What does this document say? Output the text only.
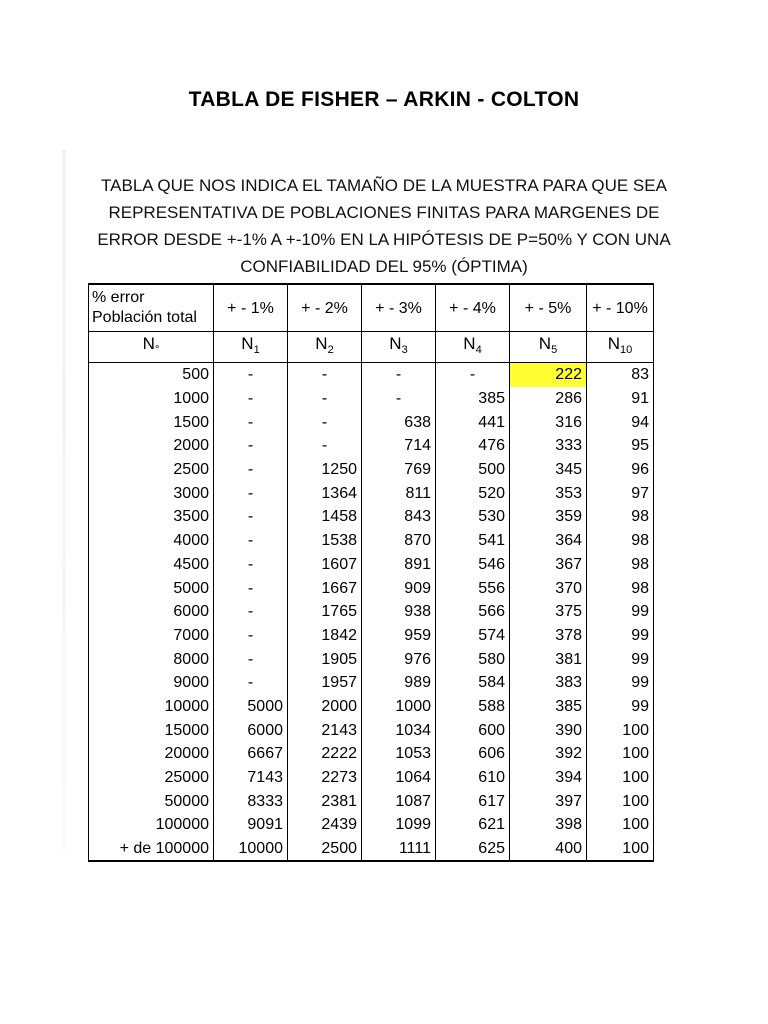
TABLA DE FISHER – ARKIN - COLTON
TABLA QUE NOS INDICA EL TAMAÑO DE LA MUESTRA PARA QUE SEA
REPRESENTATIVA DE POBLACIONES FINITAS PARA MARGENES DE
ERROR DESDE +-1% A +-10% EN LA HIPÓTESIS DE P=50% Y CON UNA
CONFIABILIDAD DEL 95% (ÓPTIMA)
% error
Población total	+ - 1%	+ - 2%	+ - 3%	+ - 4%	+ - 5%	+ - 10%
$N^\circ$	$N_1$	$N_2$	$N_3$	$N_4$	$N_5$	$N_{10}$
500	-	-	-	-	222	83
1000	-	-	-	385	286	91
1500	-	-	638	441	316	94
2000	-	-	714	476	333	95
2500	-	1250	769	500	345	96
3000	-	1364	811	520	353	97
3500	-	1458	843	530	359	98
4000	-	1538	870	541	364	98
4500	-	1607	891	546	367	98
5000	-	1667	909	556	370	98
6000	-	1765	938	566	375	99
7000	-	1842	959	574	378	99
8000	-	1905	976	580	381	99
9000	-	1957	989	584	383	99
10000	5000	2000	1000	588	385	99
15000	6000	2143	1034	600	390	100
20000	6667	2222	1053	606	392	100
25000	7143	2273	1064	610	394	100
50000	8333	2381	1087	617	397	100
100000	9091	2439	1099	621	398	100
+ de 100000	10000	2500	1111	625	400	100
